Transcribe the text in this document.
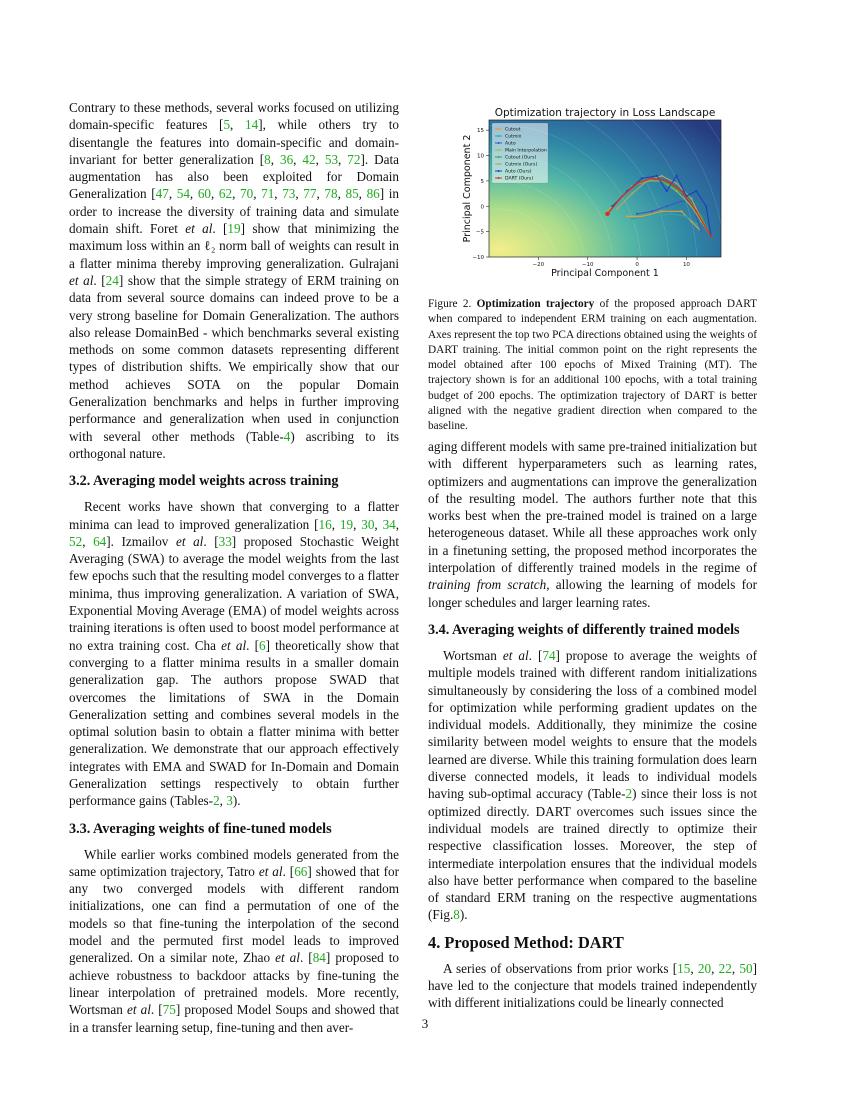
Contrary to these methods, several works focused on utilizing domain-specific features [5, 14], while others try to disentangle the features into domain-specific and domain-invariant for better generalization [8, 36, 42, 53, 72]. Data augmentation has also been exploited for Domain Generalization [47, 54, 60, 62, 70, 71, 73, 77, 78, 85, 86] in order to increase the diversity of training data and simulate domain shift. Foret et al. [19] show that minimizing the maximum loss within an ℓ₂ norm ball of weights can result in a flatter minima thereby improving generalization. Gulrajani et al. [24] show that the simple strategy of ERM training on data from several source domains can indeed prove to be a very strong baseline for Domain Generalization. The authors also release DomainBed - which benchmarks several existing methods on some common datasets representing different types of distribution shifts. We empirically show that our method achieves SOTA on the popular Domain Generalization benchmarks and helps in further improving performance and generalization when used in conjunction with several other methods (Table-4) ascribing to its orthogonal nature.

3.2. Averaging model weights across training

Recent works have shown that converging to a flatter minima can lead to improved generalization [16, 19, 30, 34, 52, 64]. Izmailov et al. [33] proposed Stochastic Weight Averaging (SWA) to average the model weights from the last few epochs such that the resulting model converges to a flatter minima, thus improving generalization. A variation of SWA, Exponential Moving Average (EMA) of model weights across training iterations is often used to boost model performance at no extra training cost. Cha et al. [6] theoretically show that converging to a flatter minima results in a smaller domain generalization gap. The authors propose SWAD that overcomes the limitations of SWA in the Domain Generalization setting and combines several models in the optimal solution basin to obtain a flatter minima with better generalization. We demonstrate that our approach effectively integrates with EMA and SWAD for In-Domain and Domain Generalization settings respectively to obtain further performance gains (Tables-2, 3).

3.3. Averaging weights of fine-tuned models

While earlier works combined models generated from the same optimization trajectory, Tatro et al. [66] showed that for any two converged models with different random initializations, one can find a permutation of one of the models so that fine-tuning the interpolation of the second model and the permuted first model leads to improved generalized. On a similar note, Zhao et al. [84] proposed to achieve robustness to backdoor attacks by fine-tuning the linear interpolation of pretrained models. More recently, Wortsman et al. [75] proposed Model Soups and showed that in a transfer learning setup, fine-tuning and then aver-

Optimization trajectory in Loss Landscape
−20	−10	0	10
−10
−5
0
5
10
15
Principal Component 1
Principal Component 2
Cutout
Cutmix
Auto
Main Interpolation
Cutout (Ours)
Cutmix (Ours)
Auto (Ours)
DART (Ours)
Figure 2. Optimization trajectory of the proposed approach DART when compared to independent ERM training on each augmentation. Axes represent the top two PCA directions obtained using the weights of DART training. The initial common point on the right represents the model obtained after 100 epochs of Mixed Training (MT). The trajectory shown is for an additional 100 epochs, with a total training budget of 200 epochs. The optimization trajectory of DART is better aligned with the negative gradient direction when compared to the baseline.

aging different models with same pre-trained initialization but with different hyperparameters such as learning rates, optimizers and augmentations can improve the generalization of the resulting model. The authors further note that this works best when the pre-trained model is trained on a large heterogeneous dataset. While all these approaches work only in a finetuning setting, the proposed method incorporates the interpolation of differently trained models in the regime of training from scratch, allowing the learning of models for longer schedules and larger learning rates.

3.4. Averaging weights of differently trained models

Wortsman et al. [74] propose to average the weights of multiple models trained with different random initializations simultaneously by considering the loss of a combined model for optimization while performing gradient updates on the individual models. Additionally, they minimize the cosine similarity between model weights to ensure that the models learned are diverse. While this training formulation does learn diverse connected models, it leads to individual models having sub-optimal accuracy (Table-2) since their loss is not optimized directly. DART overcomes such issues since the individual models are trained directly to optimize their respective classification losses. Moreover, the step of intermediate interpolation ensures that the individual models also have better performance when compared to the baseline of standard ERM traning on the respective augmentations (Fig.8).

4. Proposed Method: DART

A series of observations from prior works [15, 20, 22, 50] have led to the conjecture that models trained independently with different initializations could be linearly connected

3
